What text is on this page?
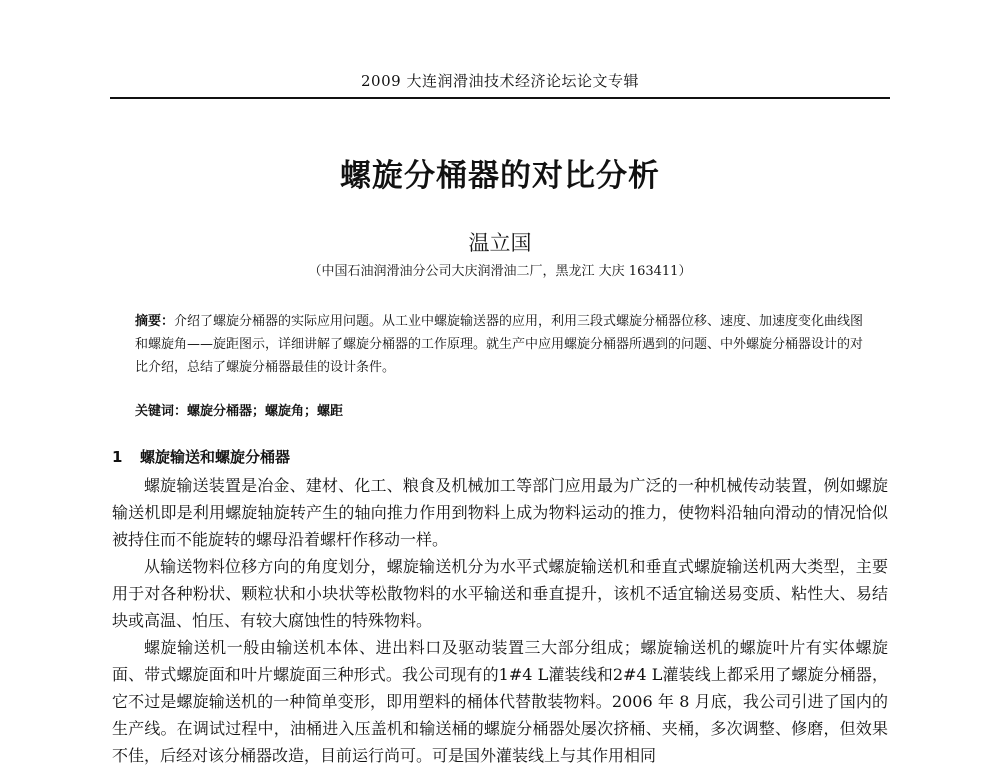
2009 大连润滑油技术经济论坛论文专辑
螺旋分桶器的对比分析
温立国
（中国石油润滑油分公司大庆润滑油二厂，黑龙江 大庆 163411）
摘要：介绍了螺旋分桶器的实际应用问题。从工业中螺旋输送器的应用，利用三段式螺旋分桶器位移、速度、加速度变化曲线图和螺旋角——旋距图示，详细讲解了螺旋分桶器的工作原理。就生产中应用螺旋分桶器所遇到的问题、中外螺旋分桶器设计的对比介绍，总结了螺旋分桶器最佳的设计条件。
关键词：螺旋分桶器；螺旋角；螺距
1 螺旋输送和螺旋分桶器

螺旋输送装置是冶金、建材、化工、粮食及机械加工等部门应用最为广泛的一种机械传动装置，例如螺旋输送机即是利用螺旋轴旋转产生的轴向推力作用到物料上成为物料运动的推力，使物料沿轴向滑动的情况恰似被持住而不能旋转的螺母沿着螺杆作移动一样。

从输送物料位移方向的角度划分，螺旋输送机分为水平式螺旋输送机和垂直式螺旋输送机两大类型，主要用于对各种粉状、颗粒状和小块状等松散物料的水平输送和垂直提升，该机不适宜输送易变质、粘性大、易结块或高温、怕压、有较大腐蚀性的特殊物料。

螺旋输送机一般由输送机本体、进出料口及驱动装置三大部分组成；螺旋输送机的螺旋叶片有实体螺旋面、带式螺旋面和叶片螺旋面三种形式。我公司现有的1#4 L灌装线和2#4 L灌装线上都采用了螺旋分桶器，它不过是螺旋输送机的一种简单变形，即用塑料的桶体代替散装物料。2006 年 8 月底，我公司引进了国内的生产线。在调试过程中，油桶进入压盖机和输送桶的螺旋分桶器处屡次挤桶、夹桶，多次调整、修磨，但效果不佳，后经对该分桶器改造，目前运行尚可。可是国外灌装线上与其作用相同
